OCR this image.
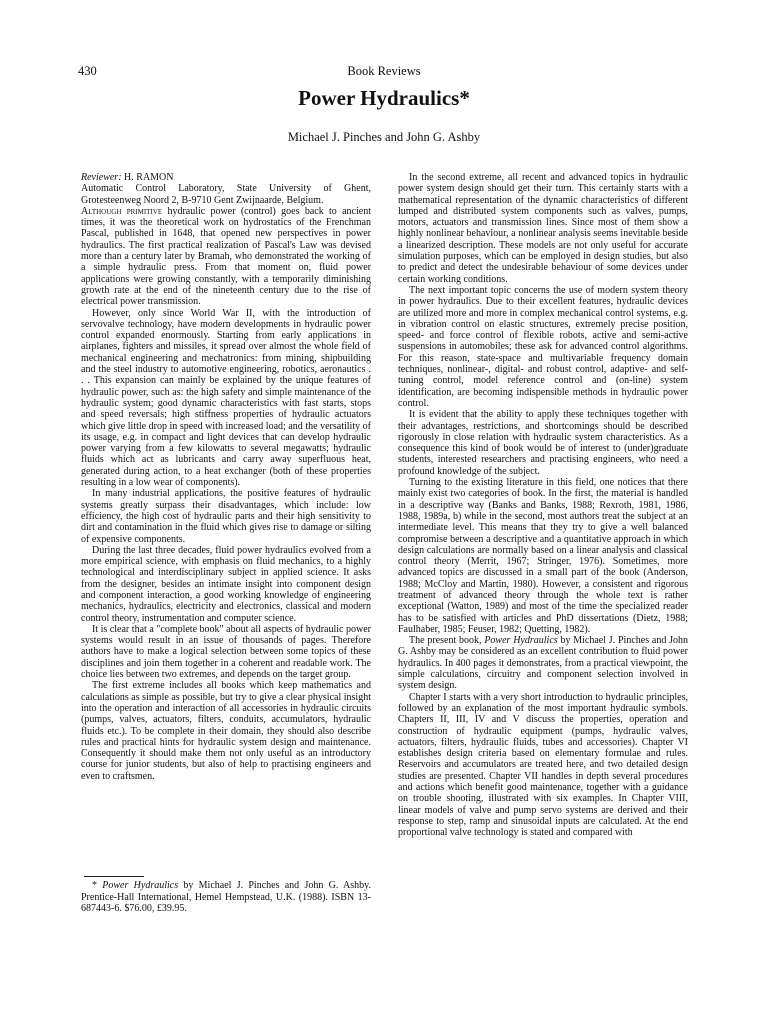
430	Book Reviews
Power Hydraulics*
Michael J. Pinches and John G. Ashby

Reviewer: H. RAMON
Automatic Control Laboratory, State University of Ghent, Grotesteenweg Noord 2, B-9710 Gent Zwijnaarde, Belgium.

Although primitive hydraulic power (control) goes back to ancient times, it was the theoretical work on hydrostatics of the Frenchman Pascal, published in 1648, that opened new perspectives in power hydraulics. The first practical realization of Pascal's Law was devised more than a century later by Bramah, who demonstrated the working of a simple hydraulic press. From that moment on, fluid power applications were growing constantly, with a temporarily diminishing growth rate at the end of the nineteenth century due to the rise of electrical power transmission.

However, only since World War II, with the introduction of servovalve technology, have modern developments in hydraulic power control expanded enormously. Starting from early applications in airplanes, fighters and missiles, it spread over almost the whole field of mechanical engineering and mechatronics: from mining, shipbuilding and the steel industry to automotive engineering, robotics, aeronautics . . . This expansion can mainly be explained by the unique features of hydraulic power, such as: the high safety and simple maintenance of the hydraulic system; good dynamic characteristics with fast starts, stops and speed reversals; high stiffness properties of hydraulic actuators which give little drop in speed with increased load; and the versatility of its usage, e.g. in compact and light devices that can develop hydraulic power varying from a few kilowatts to several megawatts; hydraulic fluids which act as lubricants and carry away superfluous heat, generated during action, to a heat exchanger (both of these properties resulting in a low wear of components).

In many industrial applications, the positive features of hydraulic systems greatly surpass their disadvantages, which include: low efficiency, the high cost of hydraulic parts and their high sensitivity to dirt and contamination in the fluid which gives rise to damage or silting of expensive components.

During the last three decades, fluid power hydraulics evolved from a more empirical science, with emphasis on fluid mechanics, to a highly technological and interdisciplinary subject in applied science. It asks from the designer, besides an intimate insight into component design and component interaction, a good working knowledge of engineering mechanics, hydraulics, electricity and electronics, classical and modern control theory, instrumentation and computer science.

It is clear that a "complete book" about all aspects of hydraulic power systems would result in an issue of thousands of pages. Therefore authors have to make a logical selection between some topics of these disciplines and join them together in a coherent and readable work. The choice lies between two extremes, and depends on the target group.

The first extreme includes all books which keep mathematics and calculations as simple as possible, but try to give a clear physical insight into the operation and interaction of all accessories in hydraulic circuits (pumps, valves, actuators, filters, conduits, accumulators, hydraulic fluids etc.). To be complete in their domain, they should also describe rules and practical hints for hydraulic system design and maintenance. Consequently it should make them not only useful as an introductory course for junior students, but also of help to practising engineers and even to craftsmen.

* Power Hydraulics by Michael J. Pinches and John G. Ashby. Prentice-Hall International, Hemel Hempstead, U.K. (1988). ISBN 13-687443-6. $76.00, £39.95.

In the second extreme, all recent and advanced topics in hydraulic power system design should get their turn. This certainly starts with a mathematical representation of the dynamic characteristics of different lumped and distributed system components such as valves, pumps, motors, actuators and transmission lines. Since most of them show a highly nonlinear behaviour, a nonlinear analysis seems inevitable beside a linearized description. These models are not only useful for accurate simulation purposes, which can be employed in design studies, but also to predict and detect the undesirable behaviour of some devices under certain working conditions.

The next important topic concerns the use of modern system theory in power hydraulics. Due to their excellent features, hydraulic devices are utilized more and more in complex mechanical control systems, e.g. in vibration control on elastic structures, extremely precise position, speed- and force control of flexible robots, active and semi-active suspensions in automobiles; these ask for advanced control algorithms. For this reason, state-space and multivariable frequency domain techniques, nonlinear-, digital- and robust control, adaptive- and self-tuning control, model reference control and (on-line) system identification, are becoming indispensible methods in hydraulic power control.

It is evident that the ability to apply these techniques together with their advantages, restrictions, and shortcomings should be described rigorously in close relation with hydraulic system characteristics. As a consequence this kind of book would be of interest to (under)graduate students, interested researchers and practising engineers, who need a profound knowledge of the subject.

Turning to the existing literature in this field, one notices that there mainly exist two categories of book. In the first, the material is handled in a descriptive way (Banks and Banks, 1988; Rexroth, 1981, 1986, 1988, 1989a, b) while in the second, most authors treat the subject at an intermediate level. This means that they try to give a well balanced compromise between a descriptive and a quantitative approach in which design calculations are normally based on a linear analysis and classical control theory (Merrit, 1967; Stringer, 1976). Sometimes, more advanced topics are discussed in a small part of the book (Anderson, 1988; McCloy and Martin, 1980). However, a consistent and rigorous treatment of advanced theory through the whole text is rather exceptional (Watton, 1989) and most of the time the specialized reader has to be satisfied with articles and PhD dissertations (Dietz, 1988; Faulhaber, 1985; Feuser, 1982; Quetting, 1982).

The present book, Power Hydraulics by Michael J. Pinches and John G. Ashby may be considered as an excellent contribution to fluid power hydraulics. In 400 pages it demonstrates, from a practical viewpoint, the simple calculations, circuitry and component selection involved in system design.

Chapter I starts with a very short introduction to hydraulic principles, followed by an explanation of the most important hydraulic symbols. Chapters II, III, IV and V discuss the properties, operation and construction of hydraulic equipment (pumps, hydraulic valves, actuators, filters, hydraulic fluids, tubes and accessories). Chapter VI establishes design criteria based on elementary formulae and rules. Reservoirs and accumulators are treated here, and two detailed design studies are presented. Chapter VII handles in depth several procedures and actions which benefit good maintenance, together with a guidance on trouble shooting, illustrated with six examples. In Chapter VIII, linear models of valve and pump servo systems are derived and their response to step, ramp and sinusoidal inputs are calculated. At the end proportional valve technology is stated and compared with
